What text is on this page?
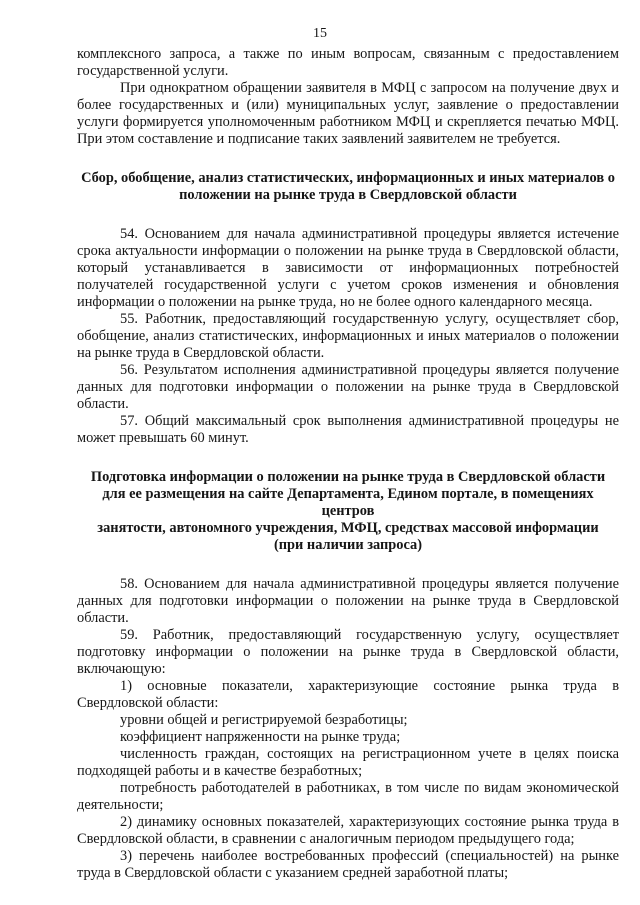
15

комплексного запроса, а также по иным вопросам, связанным с предоставлением государственной услуги.

При однократном обращении заявителя в МФЦ с запросом на получение двух и более государственных и (или) муниципальных услуг, заявление о предоставлении услуги формируется уполномоченным работником МФЦ и скрепляется печатью МФЦ. При этом составление и подписание таких заявлений заявителем не требуется.

Сбор, обобщение, анализ статистических, информационных и иных материалов о положении на рынке труда в Свердловской области

54. Основанием для начала административной процедуры является истечение срока актуальности информации о положении на рынке труда в Свердловской области, который устанавливается в зависимости от информационных потребностей получателей государственной услуги с учетом сроков изменения и обновления информации о положении на рынке труда, но не более одного календарного месяца.

55. Работник, предоставляющий государственную услугу, осуществляет сбор, обобщение, анализ статистических, информационных и иных материалов о положении на рынке труда в Свердловской области.

56. Результатом исполнения административной процедуры является получение данных для подготовки информации о положении на рынке труда в Свердловской области.

57. Общий максимальный срок выполнения административной процедуры не может превышать 60 минут.

Подготовка информации о положении на рынке труда в Свердловской области
для ее размещения на сайте Департамента, Едином портале, в помещениях центров
занятости, автономного учреждения, МФЦ, средствах массовой информации
(при наличии запроса)

58. Основанием для начала административной процедуры является получение данных для подготовки информации о положении на рынке труда в Свердловской области.

59. Работник, предоставляющий государственную услугу, осуществляет подготовку информации о положении на рынке труда в Свердловской области, включающую:

1) основные показатели, характеризующие состояние рынка труда в Свердловской области:

уровни общей и регистрируемой безработицы;

коэффициент напряженности на рынке труда;

численность граждан, состоящих на регистрационном учете в целях поиска подходящей работы и в качестве безработных;

потребность работодателей в работниках, в том числе по видам экономической деятельности;

2) динамику основных показателей, характеризующих состояние рынка труда в Свердловской области, в сравнении с аналогичным периодом предыдущего года;

3) перечень наиболее востребованных профессий (специальностей) на рынке труда в Свердловской области с указанием средней заработной платы;
